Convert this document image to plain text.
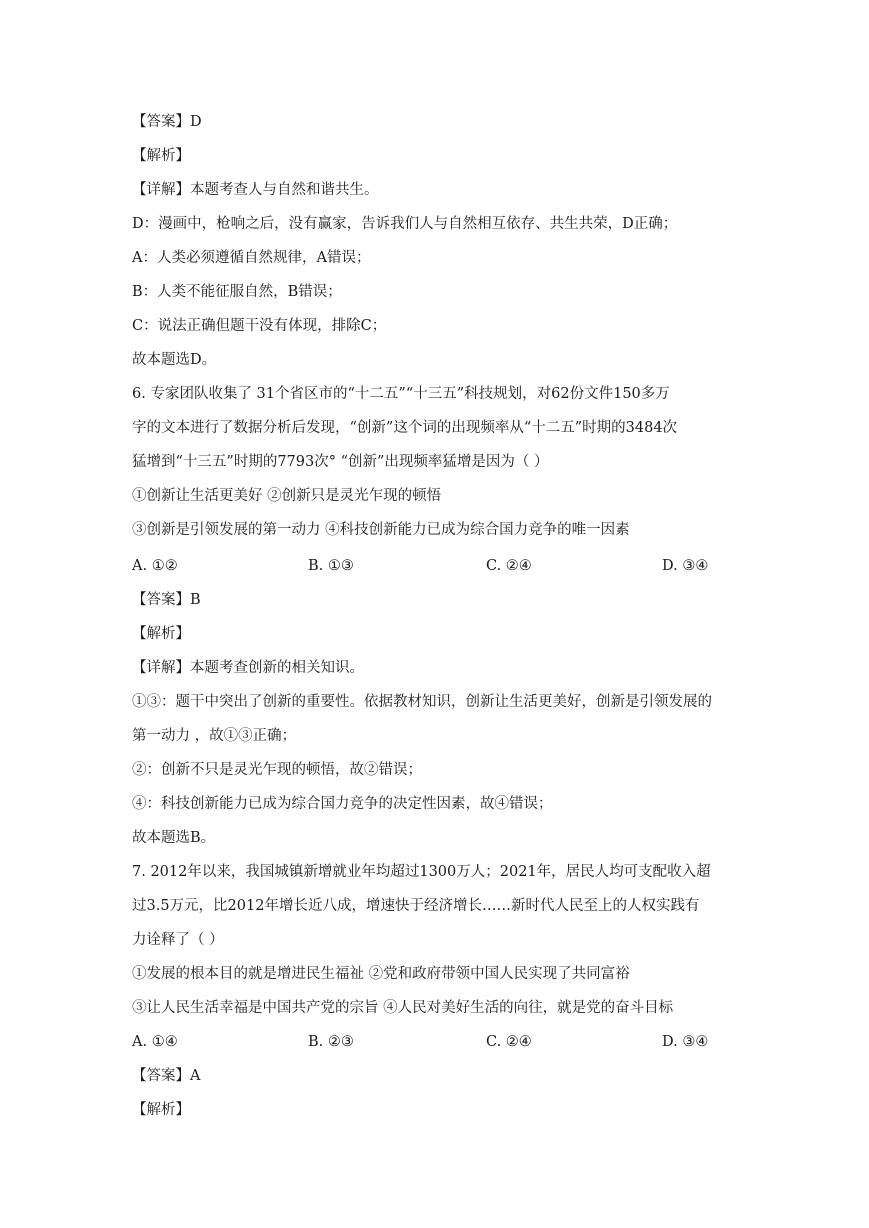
【答案】D
【解析】
【详解】本题考查人与自然和谐共生。
D：漫画中，枪响之后，没有赢家，告诉我们人与自然相互依存、共生共荣，D正确；
A：人类必须遵循自然规律，A错误；
B：人类不能征服自然，B错误；
C：说法正确但题干没有体现，排除C；
故本题选D。
6. 专家团队收集了 31个省区市的“十二五”“十三五”科技规划，对62份文件150多万
字的文本进行了数据分析后发现，“创新”这个词的出现频率从“十二五”时期的3484次
猛增到“十三五”时期的7793次° “创新”出现频率猛增是因为（ ）
①创新让生活更美好 ②创新只是灵光乍现的顿悟
③创新是引领发展的第一动力 ④科技创新能力已成为综合国力竞争的唯一因素
A. ①②	B. ①③	C. ②④	D. ③④
【答案】B
【解析】
【详解】本题考查创新的相关知识。
①③：题干中突出了创新的重要性。依据教材知识，创新让生活更美好，创新是引领发展的
第一动力 ，故①③正确；
②：创新不只是灵光乍现的顿悟，故②错误；
④：科技创新能力已成为综合国力竞争的决定性因素，故④错误；
故本题选B。
7. 2012年以来，我国城镇新增就业年均超过1300万人；2021年，居民人均可支配收入超
过3.5万元，比2012年增长近八成，增速快于经济增长……新时代人民至上的人权实践有
力诠释了（ ）
①发展的根本目的就是增进民生福祉 ②党和政府带领中国人民实现了共同富裕
③让人民生活幸福是中国共产党的宗旨 ④人民对美好生活的向往，就是党的奋斗目标
A. ①④	B. ②③	C. ②④	D. ③④
【答案】A
【解析】
